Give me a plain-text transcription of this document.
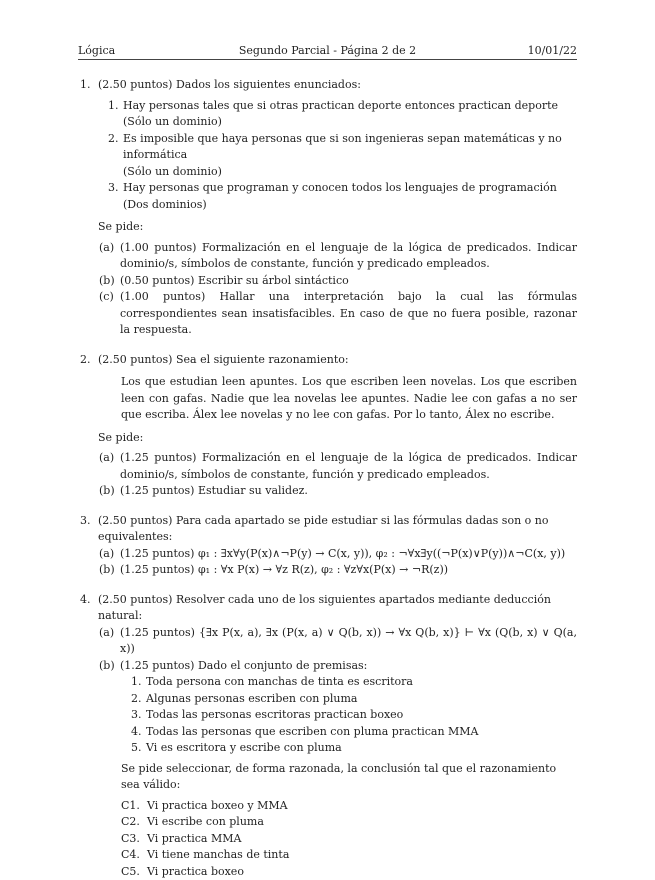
Lógica	Segundo Parcial - Página 2 de 2	10/01/22
1. (2.50 puntos) Dados los siguientes enunciados:
1. Hay personas tales que si otras practican deporte entonces practican deporte
(Sólo un dominio)
2. Es imposible que haya personas que si son ingenieras sepan matemáticas y no informática
(Sólo un dominio)
3. Hay personas que programan y conocen todos los lenguajes de programación
(Dos dominios)
Se pide:
(a) (1.00 puntos) Formalización en el lenguaje de la lógica de predicados. Indicar dominio/s, símbolos de constante, función y predicado empleados.
(b) (0.50 puntos) Escribir su árbol sintáctico
(c) (1.00 puntos) Hallar una interpretación bajo la cual las fórmulas correspondientes sean insatisfacibles. En caso de que no fuera posible, razonar la respuesta.
2. (2.50 puntos) Sea el siguiente razonamiento:
Los que estudian leen apuntes. Los que escriben leen novelas. Los que escriben leen con gafas. Nadie que lea novelas lee apuntes. Nadie lee con gafas a no ser que escriba. Álex lee novelas y no lee con gafas. Por lo tanto, Álex no escribe.
Se pide:
(a) (1.25 puntos) Formalización en el lenguaje de la lógica de predicados. Indicar dominio/s, símbolos de constante, función y predicado empleados.
(b) (1.25 puntos) Estudiar su validez.
3. (2.50 puntos) Para cada apartado se pide estudiar si las fórmulas dadas son o no equivalentes:
(a) (1.25 puntos) φ₁ : ∃x∀y(P(x)∧¬P(y) → C(x, y)), φ₂ : ¬∀x∃y((¬P(x)∨P(y))∧¬C(x, y))
(b) (1.25 puntos) φ₁ : ∀x P(x) → ∀z R(z), φ₂ : ∀z∀x(P(x) → ¬R(z))
4. (2.50 puntos) Resolver cada uno de los siguientes apartados mediante deducción natural:
(a) (1.25 puntos) {∃x P(x, a), ∃x (P(x, a) ∨ Q(b, x)) → ∀x Q(b, x)} ⊢ ∀x (Q(b, x) ∨ Q(a, x))
(b) (1.25 puntos) Dado el conjunto de premisas:
1. Toda persona con manchas de tinta es escritora
2. Algunas personas escriben con pluma
3. Todas las personas escritoras practican boxeo
4. Todas las personas que escriben con pluma practican MMA
5. Vi es escritora y escribe con pluma
Se pide seleccionar, de forma razonada, la conclusión tal que el razonamiento sea válido:
C1. Vi practica boxeo y MMA
C2. Vi escribe con pluma
C3. Vi practica MMA
C4. Vi tiene manchas de tinta
C5. Vi practica boxeo
